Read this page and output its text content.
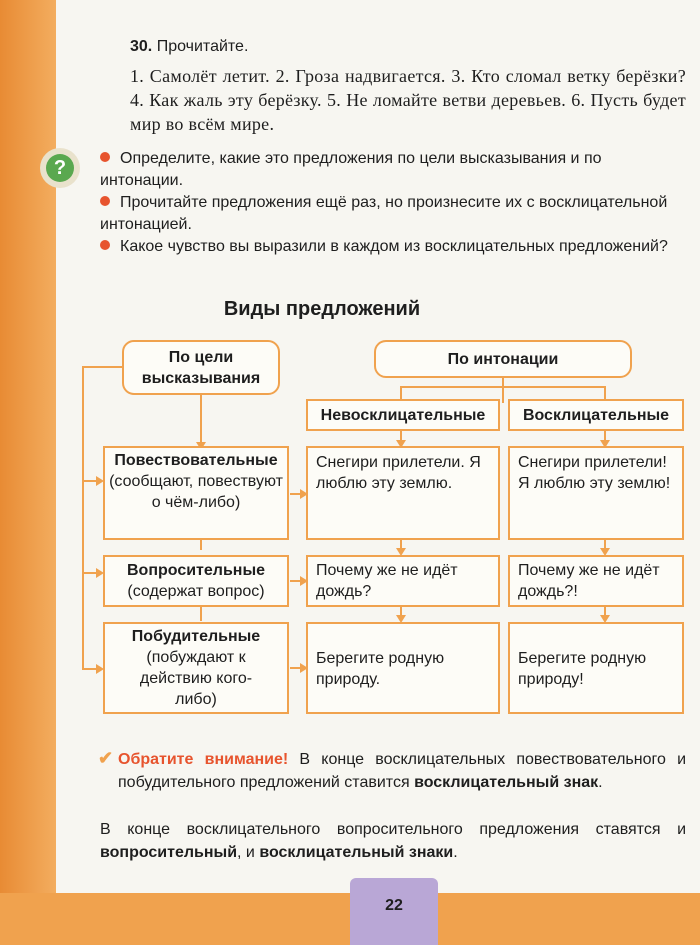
30. Прочитайте.
1. Самолёт летит. 2. Гроза надвигается. 3. Кто сломал ветку берёзки? 4. Как жаль эту берёзку. 5. Не ломайте ветви деревьев. 6. Пусть будет мир во всём мире.
?	Определите, какие это предложения по цели высказывания и по интонации.
Прочитайте предложения ещё раз, но произнесите их с восклицательной интонацией.
Какое чувство вы выразили в каждом из восклицательных предложений?
Виды предложений
По цели высказывания
По интонации
Невосклицательные	Восклицательные
Повествовательные
(сообщают, повествуют о чём-либо)
Снегири прилетели. Я люблю эту землю.
Снегири прилетели! Я люблю эту землю!
Вопросительные
(содержат вопрос)
Почему же не идёт дождь?
Почему же не идёт дождь?!
Побудительные
(побуждают к действию кого-либо)
Берегите родную природу.
Берегите родную природу!
✔ Обратите внимание! В конце восклицательных повествовательного и побудительного предложений ставится восклицательный знак.
В конце восклицательного вопросительного предложения ставятся и вопросительный, и восклицательный знаки.
22
